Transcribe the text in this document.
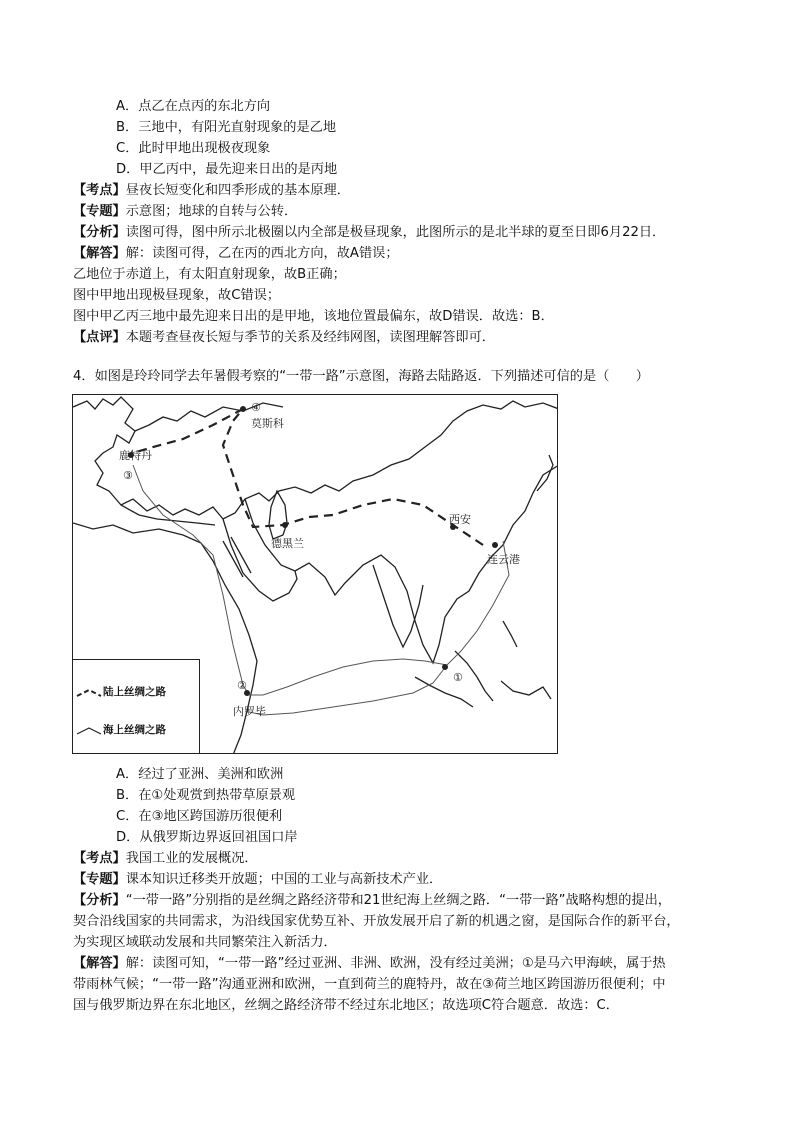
A．点乙在点丙的东北方向
B．三地中，有阳光直射现象的是乙地
C．此时甲地出现极夜现象
D．甲乙丙中，最先迎来日出的是丙地
【考点】昼夜长短变化和四季形成的基本原理．
【专题】示意图；地球的自转与公转．
【分析】读图可得，图中所示北极圈以内全部是极昼现象，此图所示的是北半球的夏至日即6月22日．
【解答】解：读图可得，乙在丙的西北方向，故A错误；
乙地位于赤道上，有太阳直射现象，故B正确；
图中甲地出现极昼现象，故C错误；
图中甲乙丙三地中最先迎来日出的是甲地，该地位置最偏东，故D错误．故选：B．
【点评】本题考查昼夜长短与季节的关系及经纬网图，读图理解答即可．
4．如图是玲玲同学去年暑假考察的“一带一路”示意图，海路去陆路返．下列描述可信的是（　　）
④
③
②
①
莫斯科
鹿特丹
德黑兰
西安
连云港
内罗毕
陆上丝绸之路
海上丝绸之路
A．经过了亚洲、美洲和欧洲
B．在①处观赏到热带草原景观
C．在③地区跨国游历很便利
D．从俄罗斯边界返回祖国口岸
【考点】我国工业的发展概况．
【专题】课本知识迁移类开放题；中国的工业与高新技术产业．
【分析】“一带一路”分别指的是丝绸之路经济带和21世纪海上丝绸之路．“一带一路”战略构想的提出，
契合沿线国家的共同需求，为沿线国家优势互补、开放发展开启了新的机遇之窗，是国际合作的新平台，
为实现区域联动发展和共同繁荣注入新活力．
【解答】解：读图可知，“一带一路”经过亚洲、非洲、欧洲，没有经过美洲；①是马六甲海峡，属于热
带雨林气候；“一带一路”沟通亚洲和欧洲，一直到荷兰的鹿特丹，故在③荷兰地区跨国游历很便利；中
国与俄罗斯边界在东北地区，丝绸之路经济带不经过东北地区；故选项C符合题意．故选：C．
